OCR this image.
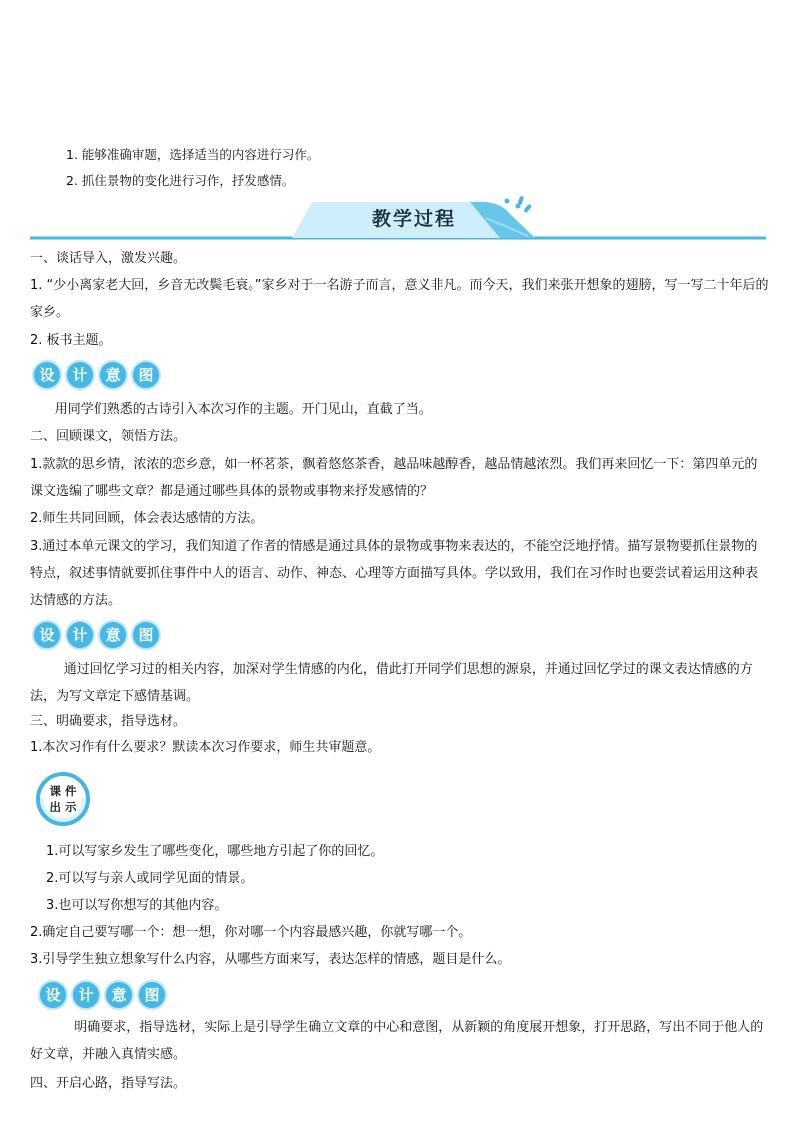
1. 能够准确审题，选择适当的内容进行习作。
2. 抓住景物的变化进行习作，抒发感情。
教学过程
一、谈话导入，激发兴趣。
1. “少小离家老大回，乡音无改鬓毛衰。”家乡对于一名游子而言，意义非凡。而今天，我们来张开想象的翅膀，写一写二十年后的家乡。
2. 板书主题。
设	计	意	图
用同学们熟悉的古诗引入本次习作的主题。开门见山，直截了当。
二、回顾课文，领悟方法。
1.款款的思乡情，浓浓的恋乡意，如一杯茗茶，飘着悠悠茶香，越品味越醇香，越品情越浓烈。我们再来回忆一下：第四单元的课文选编了哪些文章？都是通过哪些具体的景物或事物来抒发感情的？
2.师生共同回顾，体会表达感情的方法。
3.通过本单元课文的学习，我们知道了作者的情感是通过具体的景物或事物来表达的，不能空泛地抒情。描写景物要抓住景物的特点，叙述事情就要抓住事件中人的语言、动作、神态、心理等方面描写具体。学以致用，我们在习作时也要尝试着运用这种表达情感的方法。
设	计	意	图
通过回忆学习过的相关内容，加深对学生情感的内化，借此打开同学们思想的源泉，并通过回忆学过的课文表达情感的方法，为写文章定下感情基调。
三、明确要求，指导选材。
1.本次习作有什么要求？默读本次习作要求，师生共审题意。
课 件
出 示
1.可以写家乡发生了哪些变化，哪些地方引起了你的回忆。
2.可以写与亲人或同学见面的情景。
3.也可以写你想写的其他内容。
2.确定自己要写哪一个：想一想，你对哪一个内容最感兴趣，你就写哪一个。
3.引导学生独立想象写什么内容，从哪些方面来写，表达怎样的情感，题目是什么。
设	计	意	图
明确要求，指导选材，实际上是引导学生确立文章的中心和意图，从新颖的角度展开想象，打开思路，写出不同于他人的好文章，并融入真情实感。
四、开启心路，指导写法。
